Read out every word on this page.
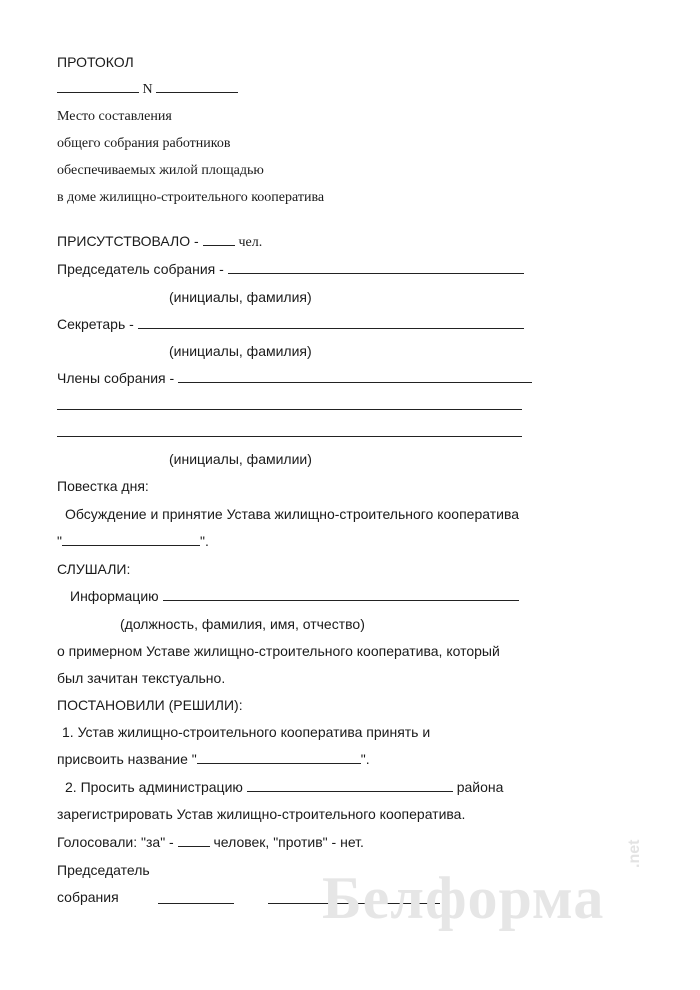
ПРОТОКОЛ
N
Место составления
общего собрания работников
обеспечиваемых жилой площадью
в доме жилищно-строительного кооператива
ПРИСУТСТВОВАЛО -	чел.
Председатель собрания -
(инициалы, фамилия)
Секретарь -
(инициалы, фамилия)
Члены собрания -
(инициалы, фамилии)
Повестка дня:
Обсуждение и принятие Устава жилищно-строительного кооператива
"	".
СЛУШАЛИ:
Информацию
(должность, фамилия, имя, отчество)
о примерном Уставе жилищно-строительного кооператива, который
был зачитан текстуально.
ПОСТАНОВИЛИ (РЕШИЛИ):
1. Устав жилищно-строительного кооператива принять и
присвоить название "	".
2. Просить администрацию	района
зарегистрировать Устав жилищно-строительного кооператива.
Голосовали: "за" -	человек, "против" - нет.
Председатель
собрания	Белформа
.net
